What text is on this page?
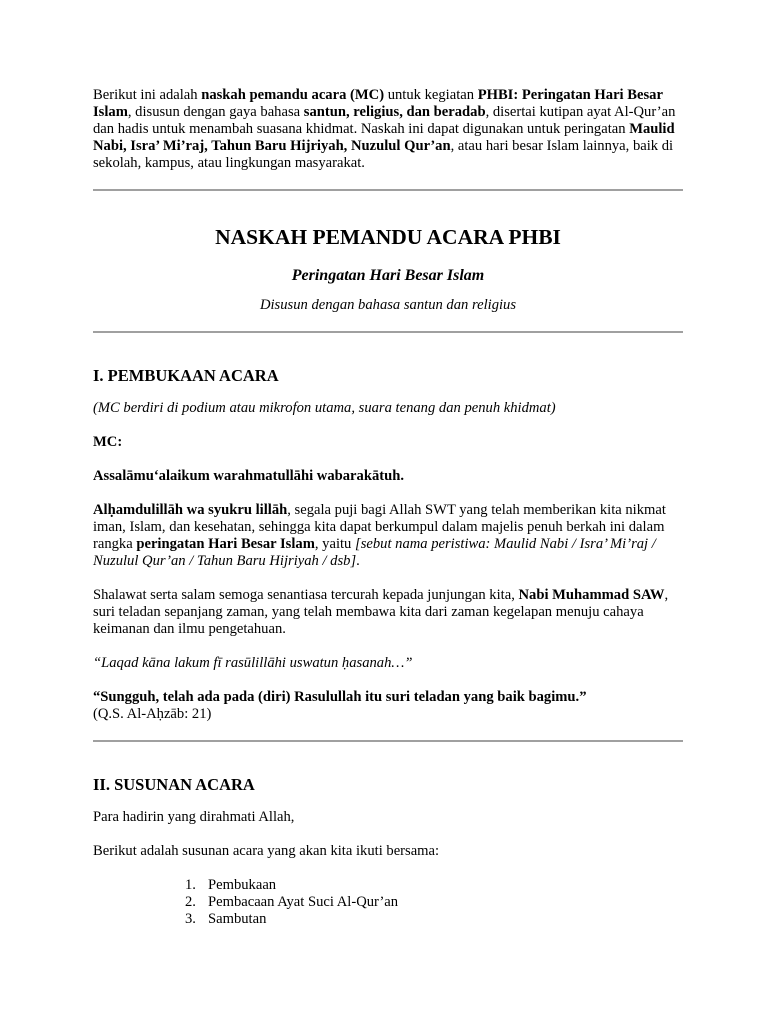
Berikut ini adalah naskah pemandu acara (MC) untuk kegiatan PHBI: Peringatan Hari Besar Islam, disusun dengan gaya bahasa santun, religius, dan beradab, disertai kutipan ayat Al-Qur’an dan hadis untuk menambah suasana khidmat. Naskah ini dapat digunakan untuk peringatan Maulid Nabi, Isra’ Mi’raj, Tahun Baru Hijriyah, Nuzulul Qur’an, atau hari besar Islam lainnya, baik di sekolah, kampus, atau lingkungan masyarakat.

NASKAH PEMANDU ACARA PHBI
Peringatan Hari Besar Islam
Disusun dengan bahasa santun dan religius
I. PEMBUKAAN ACARA

(MC berdiri di podium atau mikrofon utama, suara tenang dan penuh khidmat)

MC:

Assalāmu‘alaikum warahmatullāhi wabarakātuh.

Alḥamdulillāh wa syukru lillāh, segala puji bagi Allah SWT yang telah memberikan kita nikmat iman, Islam, dan kesehatan, sehingga kita dapat berkumpul dalam majelis penuh berkah ini dalam rangka peringatan Hari Besar Islam, yaitu [sebut nama peristiwa: Maulid Nabi / Isra’ Mi’raj / Nuzulul Qur’an / Tahun Baru Hijriyah / dsb].

Shalawat serta salam semoga senantiasa tercurah kepada junjungan kita, Nabi Muhammad SAW, suri teladan sepanjang zaman, yang telah membawa kita dari zaman kegelapan menuju cahaya keimanan dan ilmu pengetahuan.

“Laqad kāna lakum fī rasūlillāhi uswatun ḥasanah…”

“Sungguh, telah ada pada (diri) Rasulullah itu suri teladan yang baik bagimu.”
(Q.S. Al-Aḥzāb: 21)

II. SUSUNAN ACARA

Para hadirin yang dirahmati Allah,

Berikut adalah susunan acara yang akan kita ikuti bersama:

1. Pembukaan
2. Pembacaan Ayat Suci Al-Qur’an
3. Sambutan
